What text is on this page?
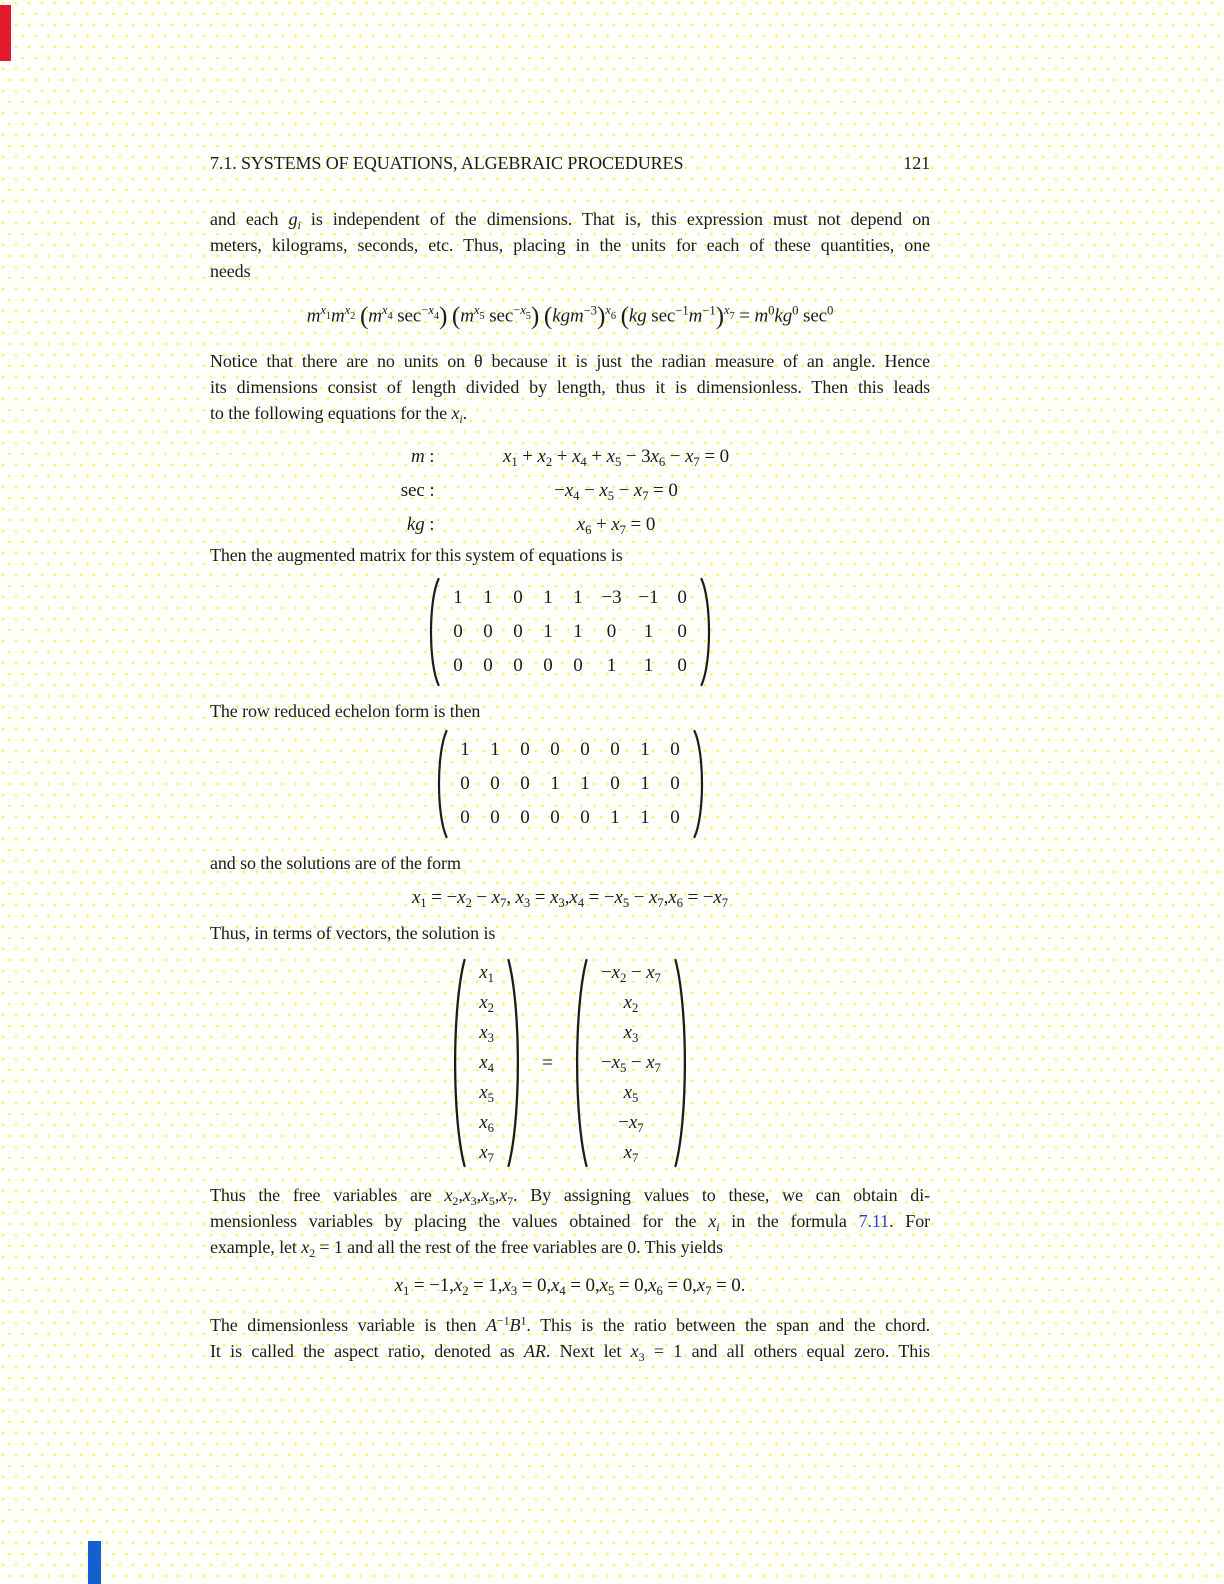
7.1. SYSTEMS OF EQUATIONS, ALGEBRAIC PROCEDURES	121
and each gi is independent of the dimensions. That is, this expression must not depend on
meters, kilograms, seconds, etc. Thus, placing in the units for each of these quantities, one
needs
$m^{x1}m^{x2}$ ($m^{x4}$ $\sec^{-x4}$) ($m^{x5}$ $\sec^{-x5}$) $(kgm^{-3})^{x6}$ (kg $\sec^{-1}m^{-1})^{x7} = m^0kg^0$ $\sec^0$
Notice that there are no units on θ because it is just the radian measure of an angle. Hence
its dimensions consist of length divided by length, thus it is dimensionless. Then this leads
to the following equations for the xi.
m :	x1 + x2 + x4 + x5 − 3x6 − x7 = 0
sec :	−x4 − x5 − x7 = 0
kg :	x6 + x7 = 0
Then the augmented matrix for this system of equations is
1 1 0 1 1 −3 −1 0
0 0 0 1 1 0 1 0
0 0 0 0 0 1 1 0
The row reduced echelon form is then
1 1 0 0 0 0 1 0
0 0 0 1 1 0 1 0
0 0 0 0 0 1 1 0
and so the solutions are of the form
x1 = −x2 − x7, x3 = x3,x4 = −x5 − x7,x6 = −x7
Thus, in terms of vectors, the solution is
x1
x2
x3
x4
x5
x6
x7
=
−x2 − x7
x2
x3
−x5 − x7
x5
−x7
x7
Thus the free variables are x2,x3,x5,x7. By assigning values to these, we can obtain di-
mensionless variables by placing the values obtained for the xi in the formula 7.11. For
example, let x2 = 1 and all the rest of the free variables are 0. This yields
x1 = −1,x2 = 1,x3 = 0,x4 = 0,x5 = 0,x6 = 0,x7 = 0.
The dimensionless variable is then $A^{-1}B^1$. This is the ratio between the span and the chord.
It is called the aspect ratio, denoted as AR. Next let x3 = 1 and all others equal zero. This
